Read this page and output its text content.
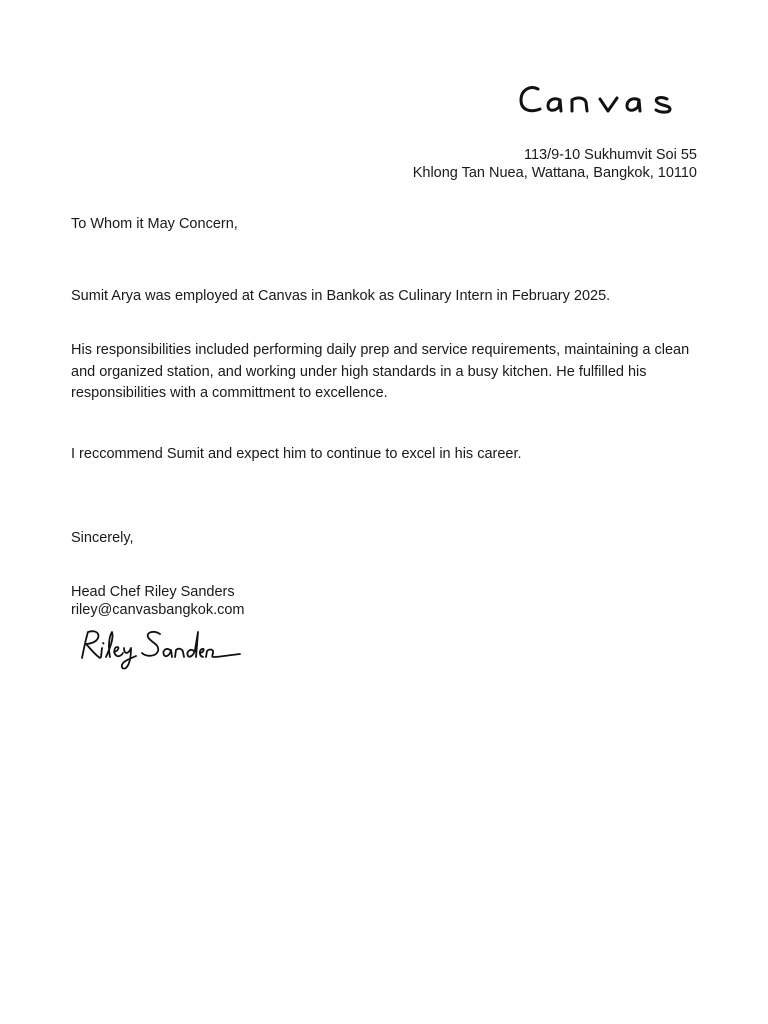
113/9-10 Sukhumvit Soi 55
Khlong Tan Nuea, Wattana, Bangkok, 10110

To Whom it May Concern,

Sumit Arya was employed at Canvas in Bankok as Culinary Intern in February 2025.

His responsibilities included performing daily prep and service requirements, maintaining a clean and organized station, and working under high standards in a busy kitchen. He fulfilled his responsibilities with a committment to excellence.

I reccommend Sumit and expect him to continue to excel in his career.

Sincerely,

Head Chef Riley Sanders
riley@canvasbangkok.com
